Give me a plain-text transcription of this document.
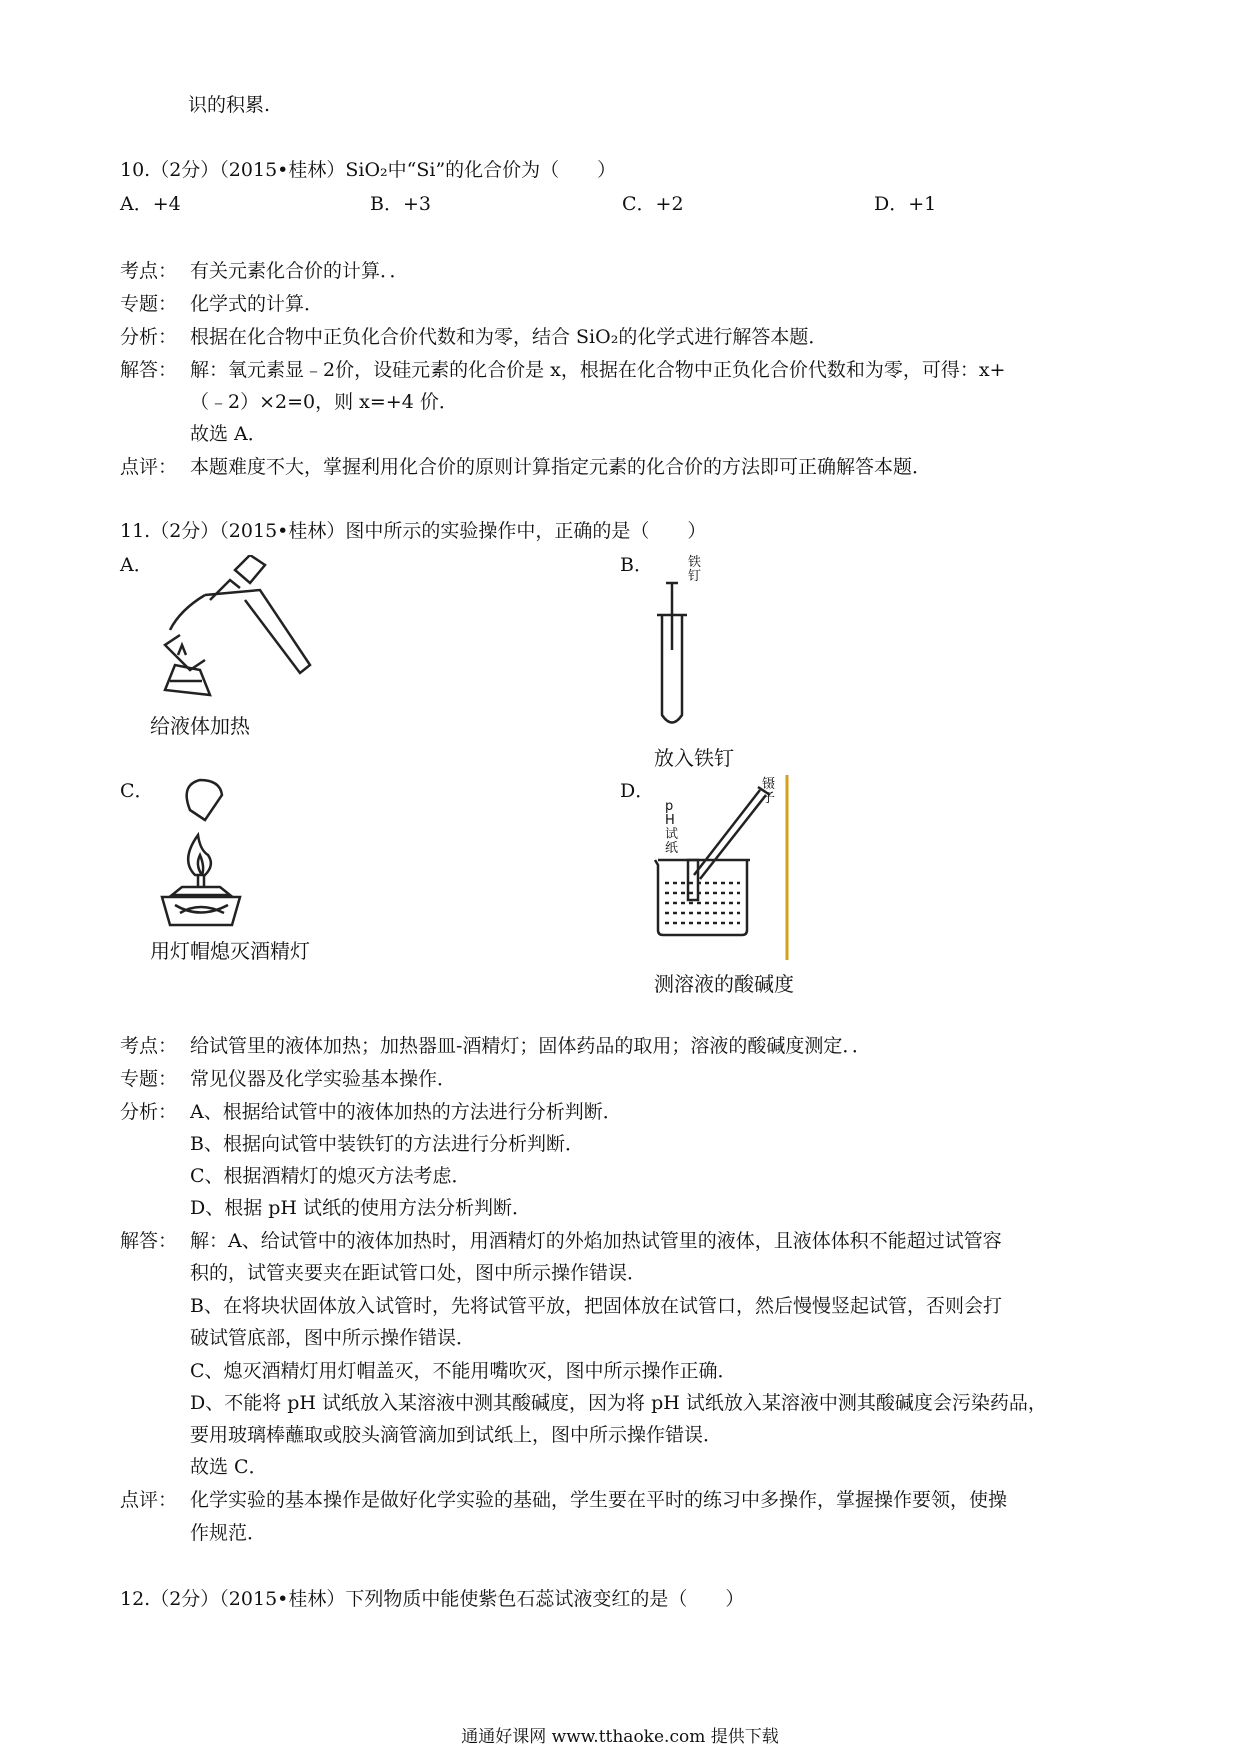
识的积累.
10.（2分）（2015•桂林）SiO₂中“Si”的化合价为（　　）
A．+4	B．+3	C．+2	D．+1
考点： 有关元素化合价的计算．．
专题： 化学式的计算．
分析： 根据在化合物中正负化合价代数和为零，结合 SiO₂的化学式进行解答本题．
解答： 解：氧元素显﹣2价，设硅元素的化合价是 x，根据在化合物中正负化合价代数和为零，可得：x+
（﹣2）×2=0，则 x=+4 价．
故选 A．
点评： 本题难度不大，掌握利用化合价的原则计算指定元素的化合价的方法即可正确解答本题．
11.（2分）（2015•桂林）图中所示的实验操作中，正确的是（　　）
A．
给液体加热
B．	铁钉
放入铁钉
C．
用灯帽熄灭酒精灯
D．
pH试纸
镊子
测溶液的酸碱度
考点： 给试管里的液体加热；加热器皿-酒精灯；固体药品的取用；溶液的酸碱度测定．．
专题： 常见仪器及化学实验基本操作．
分析： A、根据给试管中的液体加热的方法进行分析判断．
B、根据向试管中装铁钉的方法进行分析判断．
C、根据酒精灯的熄灭方法考虑．
D、根据 pH 试纸的使用方法分析判断．
解答： 解：A、给试管中的液体加热时，用酒精灯的外焰加热试管里的液体，且液体体积不能超过试管容
积的，试管夹要夹在距试管口处，图中所示操作错误．
B、在将块状固体放入试管时，先将试管平放，把固体放在试管口，然后慢慢竖起试管，否则会打
破试管底部，图中所示操作错误．
C、熄灭酒精灯用灯帽盖灭，不能用嘴吹灭，图中所示操作正确．
D、不能将 pH 试纸放入某溶液中测其酸碱度，因为将 pH 试纸放入某溶液中测其酸碱度会污染药品，
要用玻璃棒蘸取或胶头滴管滴加到试纸上，图中所示操作错误．
故选 C．
点评： 化学实验的基本操作是做好化学实验的基础，学生要在平时的练习中多操作，掌握操作要领，使操
作规范．
12.（2分）（2015•桂林）下列物质中能使紫色石蕊试液变红的是（　　）
通通好课网 www.tthaoke.com 提供下载
